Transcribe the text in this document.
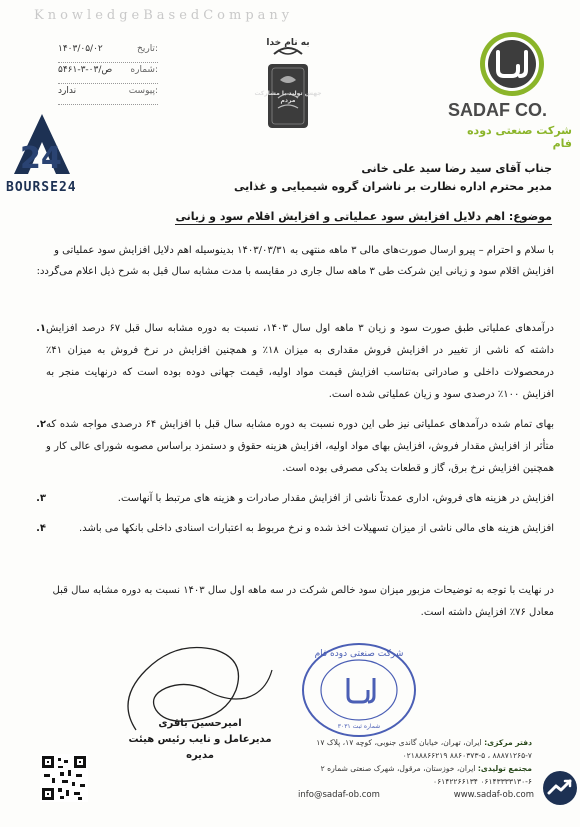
KnowledgeBasedCompany
۱۴۰۳/۰۵/۰۲	تاریخ:
۵۴۶۱-۳-ص/۰۳ شماره:
ندارد	پیوست:	جهش تولید با مشارکت مردم
به نام خدا
24
BOURSE24
SADAF CO.
شرکت صنعتی دوده فام
جناب آقای سید رضا سید علی خانی
مدیر محترم اداره نظارت بر ناشران گروه شیمیایی و غذایی
موضوع: اهم دلایل افزایش سود عملیاتی و افزایش اقلام سود و زیانی
با سلام و احترام – پیرو ارسال صورت‌های مالی ۳ ماهه منتهی به ۱۴۰۳/۰۳/۳۱ بدینوسیله اهم دلایل افزایش سود عملیاتی و افزایش اقلام سود و زیانی این شرکت طی ۳ ماهه سال جاری در مقایسه با مدت مشابه سال قبل به شرح ذیل اعلام می‌گردد:
۱. درآمدهای عملیاتی طبق صورت سود و زیان ۳ ماهه اول سال ۱۴۰۳، نسبت به دوره مشابه سال قبل ۶۷ درصد افزایش داشته که ناشی از تغییر در افزایش فروش مقداری به میزان ۱۸٪ و همچنین افزایش در نرخ فروش به میزان ۴۱٪ درمحصولات داخلی و صادراتی به‌تناسب افزایش قیمت مواد اولیه، قیمت جهانی دوده بوده است که درنهایت منجر به افزایش ۱۰۰٪ درصدی سود و زیان عملیاتی شده است.
۲. بهای تمام شده درآمدهای عملیاتی نیز طی این دوره نسبت به دوره مشابه سال قبل با افزایش ۶۴ درصدی مواجه شده که متأثر از افزایش مقدار فروش، افزایش بهای مواد اولیه، افزایش هزینه حقوق و دستمزد براساس مصوبه شورای عالی کار و همچنین افزایش نرخ برق، گاز و قطعات یدکی مصرفی بوده است.
۳.	افزایش در هزینه های فروش، اداری عمدتاً ناشی از افزایش مقدار صادرات و هزینه های مرتبط با آنهاست.
۴.	افزایش هزینه های مالی ناشی از میزان تسهیلات اخذ شده و نرخ مربوط به اعتبارات اسنادی داخلی بانکها می باشد.
در نهایت با توجه به توضیحات مزبور میزان سود خالص شرکت در سه ماهه اول سال ۱۴۰۳ نسبت به دوره مشابه سال قبل معادل ۷۶٪ افزایش داشته است.
امیرحسین باقری
مدیرعامل و نایب رئیس هیئت مدیره
شرکت صنعتی دوده فام
شماره ثبت ۳۰۳۱
دفتر مرکزی: ایران، تهران، خیابان گاندی جنوبی، کوچه ۱۷، پلاک ۱۷
۸۸۸۷۱۲۶۵-۷ ، ۸۸۶۰۳۷۳-۵ ۰۲۱۸۸۸۶۶۲۱۹
مجتمع تولیدی: ایران، خوزستان، مرقول، شهرک صنعتی شماره ۲
۰۶۱۴۳۳۳۳۱۳۰-۶ ۰۶۱۴۲۲۶۶۱۳۴
info@sadaf-ob.com	www.sadaf-ob.com
